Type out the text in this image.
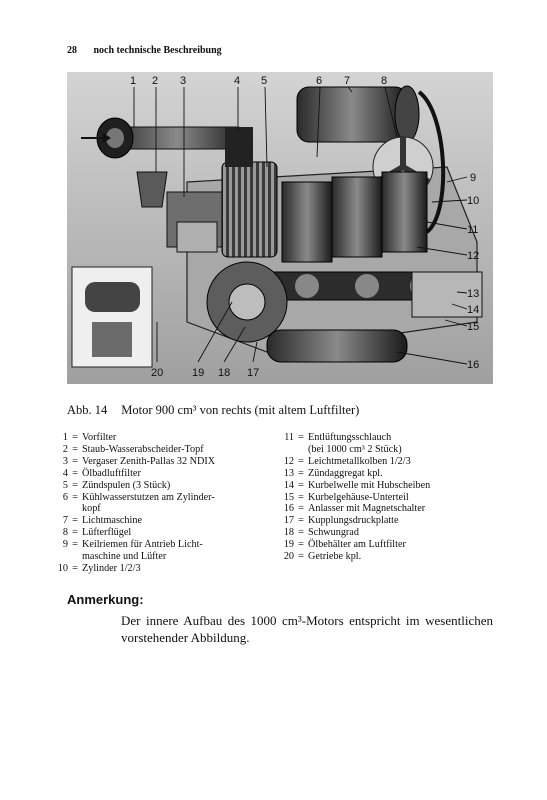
28 noch technische Beschreibung
1 2 3	4 5	6 7	8
9
10
11
12
13
14
15
16
17
18
19
20
Abb. 14 Motor 900 cm³ von rechts (mit altem Luftfilter)
1 = Vorfilter
2 = Staub-Wasserabscheider-Topf
3 = Vergaser Zenith-Pallas 32 NDIX
4 = Ölbadluftfilter
5 = Zündspulen (3 Stück)
6 = Kühlwasserstutzen am Zylinder-
kopf
7 = Lichtmaschine
8 = Lüfterflügel
9 = Keilriemen für Antrieb Licht-
maschine und Lüfter
10 = Zylinder 1/2/3
11 = Entlüftungsschlauch
(bei 1000 cm³ 2 Stück)
12 = Leichtmetallkolben 1/2/3
13 = Zündaggregat kpl.
14 = Kurbelwelle mit Hubscheiben
15 = Kurbelgehäuse-Unterteil
16 = Anlasser mit Magnetschalter
17 = Kupplungsdruckplatte
18 = Schwungrad
19 = Ölbehälter am Luftfilter
20 = Getriebe kpl.
Anmerkung:
Der innere Aufbau des 1000 cm³-Motors entspricht im wesentlichen vorstehender Abbildung.
